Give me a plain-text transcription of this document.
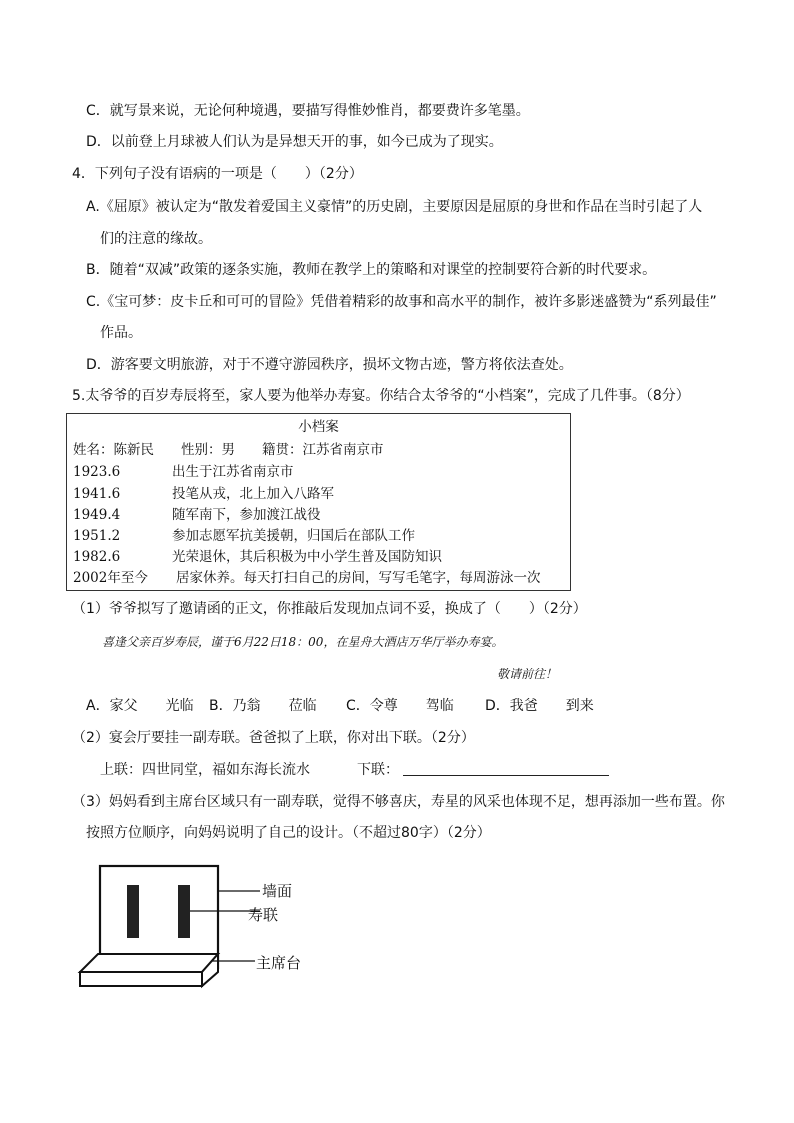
C．就写景来说，无论何种境遇，要描写得惟妙惟肖，都要费许多笔墨。
D．以前登上月球被人们认为是异想天开的事，如今已成为了现实。
4．下列句子没有语病的一项是（　　）（2分）
A.《屈原》被认定为“散发着爱国主义豪情”的历史剧，主要原因是屈原的身世和作品在当时引起了人
们的注意的缘故。
B．随着“双减”政策的逐条实施，教师在教学上的策略和对课堂的控制要符合新的时代要求。
C.《宝可梦：皮卡丘和可可的冒险》凭借着精彩的故事和高水平的制作，被许多影迷盛赞为“系列最佳”
作品。
D．游客要文明旅游，对于不遵守游园秩序，损坏文物古迹，警方将依法查处。
5.太爷爷的百岁寿辰将至，家人要为他举办寿宴。你结合太爷爷的“小档案”，完成了几件事。（8分）
小档案
姓名：陈新民　　性别：男　　籍贯：江苏省南京市
1923.6	出生于江苏省南京市
1941.6	投笔从戎，北上加入八路军
1949.4	随军南下，参加渡江战役
1951.2	参加志愿军抗美援朝，归国后在部队工作
1982.6	光荣退休，其后积极为中小学生普及国防知识
2002年至今 居家休养。每天打扫自己的房间，写写毛笔字，每周游泳一次
（1）爷爷拟写了邀请函的正文，你推敲后发现加点词不妥，换成了（　　）（2分）
喜逢父亲百岁寿辰，谨于6月22日18：00，在星舟大酒店万华厅举办寿宴。
敬请前往！
A．家父　　光临 B．乃翁　　莅临 C．令尊　　驾临 D．我爸　　到来
（2）宴会厅要挂一副寿联。爸爸拟了上联，你对出下联。（2分）
上联：四世同堂，福如东海长流水	下联：
（3）妈妈看到主席台区域只有一副寿联，觉得不够喜庆，寿星的风采也体现不足，想再添加一些布置。你
按照方位顺序，向妈妈说明了自己的设计。（不超过80字）（2分）
墙面
寿联
主席台
